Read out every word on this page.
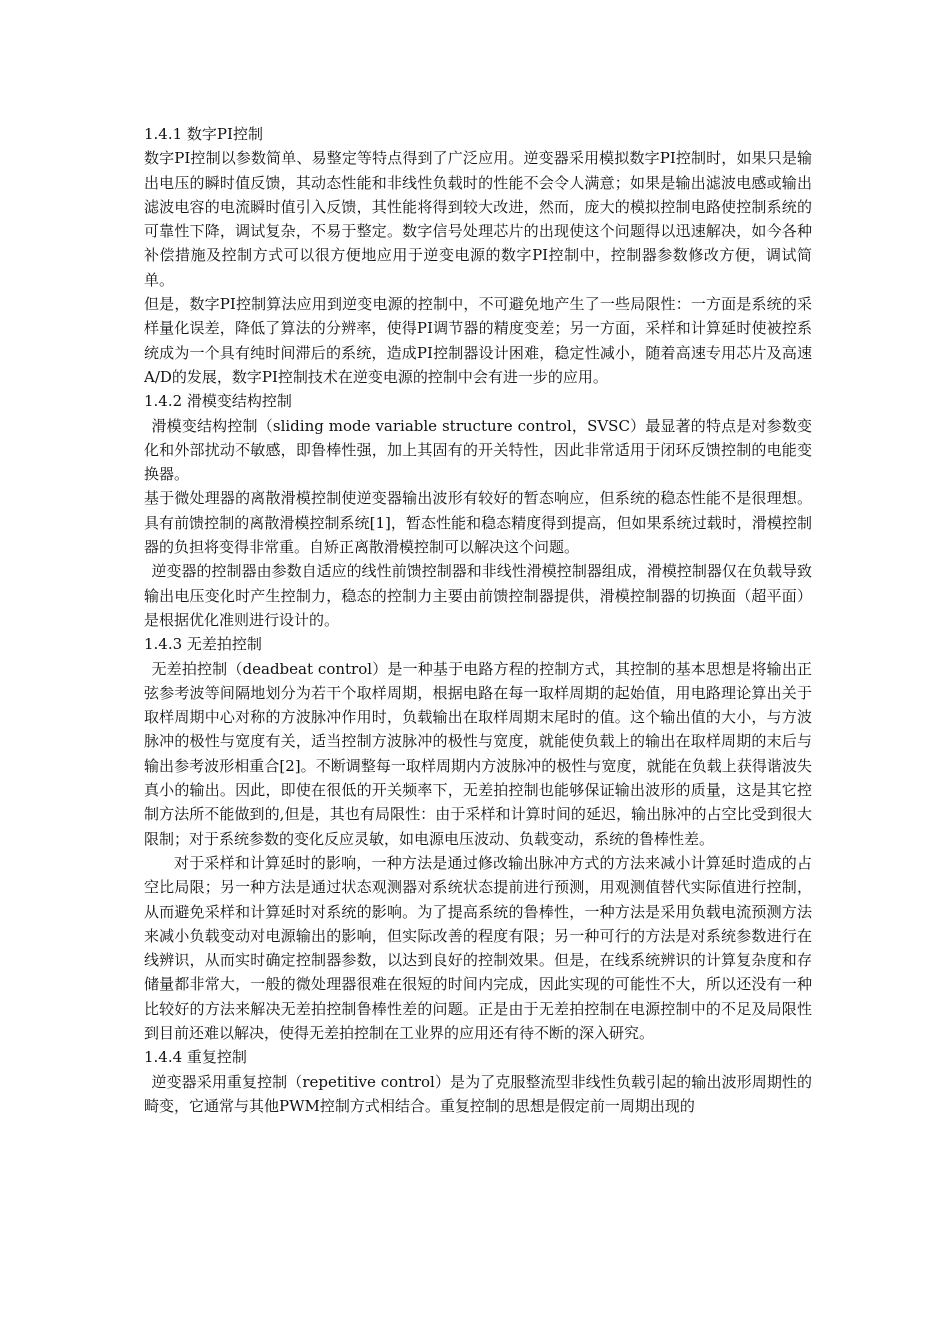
1.4.1 数字PI控制

数字PI控制以参数简单、易整定等特点得到了广泛应用。逆变器采用模拟数字PI控制时，如果只是输出电压的瞬时值反馈，其动态性能和非线性负载时的性能不会令人满意；如果是输出滤波电感或输出滤波电容的电流瞬时值引入反馈，其性能将得到较大改进，然而，庞大的模拟控制电路使控制系统的可靠性下降，调试复杂，不易于整定。数字信号处理芯片的出现使这个问题得以迅速解决，如今各种补偿措施及控制方式可以很方便地应用于逆变电源的数字PI控制中，控制器参数修改方便，调试简单。

但是，数字PI控制算法应用到逆变电源的控制中，不可避免地产生了一些局限性：一方面是系统的采样量化误差，降低了算法的分辨率，使得PI调节器的精度变差；另一方面，采样和计算延时使被控系统成为一个具有纯时间滞后的系统，造成PI控制器设计困难，稳定性减小，随着高速专用芯片及高速A/D的发展，数字PI控制技术在逆变电源的控制中会有进一步的应用。

1.4.2 滑模变结构控制

滑模变结构控制（sliding mode variable structure control，SVSC）最显著的特点是对参数变化和外部扰动不敏感，即鲁棒性强，加上其固有的开关特性，因此非常适用于闭环反馈控制的电能变换器。

基于微处理器的离散滑模控制使逆变器输出波形有较好的暂态响应，但系统的稳态性能不是很理想。具有前馈控制的离散滑模控制系统[1]，暂态性能和稳态精度得到提高，但如果系统过载时，滑模控制器的负担将变得非常重。自矫正离散滑模控制可以解决这个问题。

逆变器的控制器由参数自适应的线性前馈控制器和非线性滑模控制器组成，滑模控制器仅在负载导致输出电压变化时产生控制力，稳态的控制力主要由前馈控制器提供，滑模控制器的切换面（超平面）是根据优化准则进行设计的。

1.4.3 无差拍控制

无差拍控制（deadbeat control）是一种基于电路方程的控制方式，其控制的基本思想是将输出正弦参考波等间隔地划分为若干个取样周期，根据电路在每一取样周期的起始值，用电路理论算出关于取样周期中心对称的方波脉冲作用时，负载输出在取样周期末尾时的值。这个输出值的大小，与方波脉冲的极性与宽度有关，适当控制方波脉冲的极性与宽度，就能使负载上的输出在取样周期的末后与输出参考波形相重合[2]。不断调整每一取样周期内方波脉冲的极性与宽度，就能在负载上获得谐波失真小的输出。因此，即使在很低的开关频率下，无差拍控制也能够保证输出波形的质量，这是其它控制方法所不能做到的,但是，其也有局限性：由于采样和计算时间的延迟，输出脉冲的占空比受到很大限制；对于系统参数的变化反应灵敏，如电源电压波动、负载变动，系统的鲁棒性差。

对于采样和计算延时的影响，一种方法是通过修改输出脉冲方式的方法来减小计算延时造成的占空比局限；另一种方法是通过状态观测器对系统状态提前进行预测，用观测值替代实际值进行控制，从而避免采样和计算延时对系统的影响。为了提高系统的鲁棒性，一种方法是采用负载电流预测方法来减小负载变动对电源输出的影响，但实际改善的程度有限；另一种可行的方法是对系统参数进行在线辨识，从而实时确定控制器参数，以达到良好的控制效果。但是，在线系统辨识的计算复杂度和存储量都非常大，一般的微处理器很难在很短的时间内完成，因此实现的可能性不大，所以还没有一种比较好的方法来解决无差拍控制鲁棒性差的问题。正是由于无差拍控制在电源控制中的不足及局限性到目前还难以解决，使得无差拍控制在工业界的应用还有待不断的深入研究。

1.4.4 重复控制

逆变器采用重复控制（repetitive control）是为了克服整流型非线性负载引起的输出波形周期性的畸变，它通常与其他PWM控制方式相结合。重复控制的思想是假定前一周期出现的
